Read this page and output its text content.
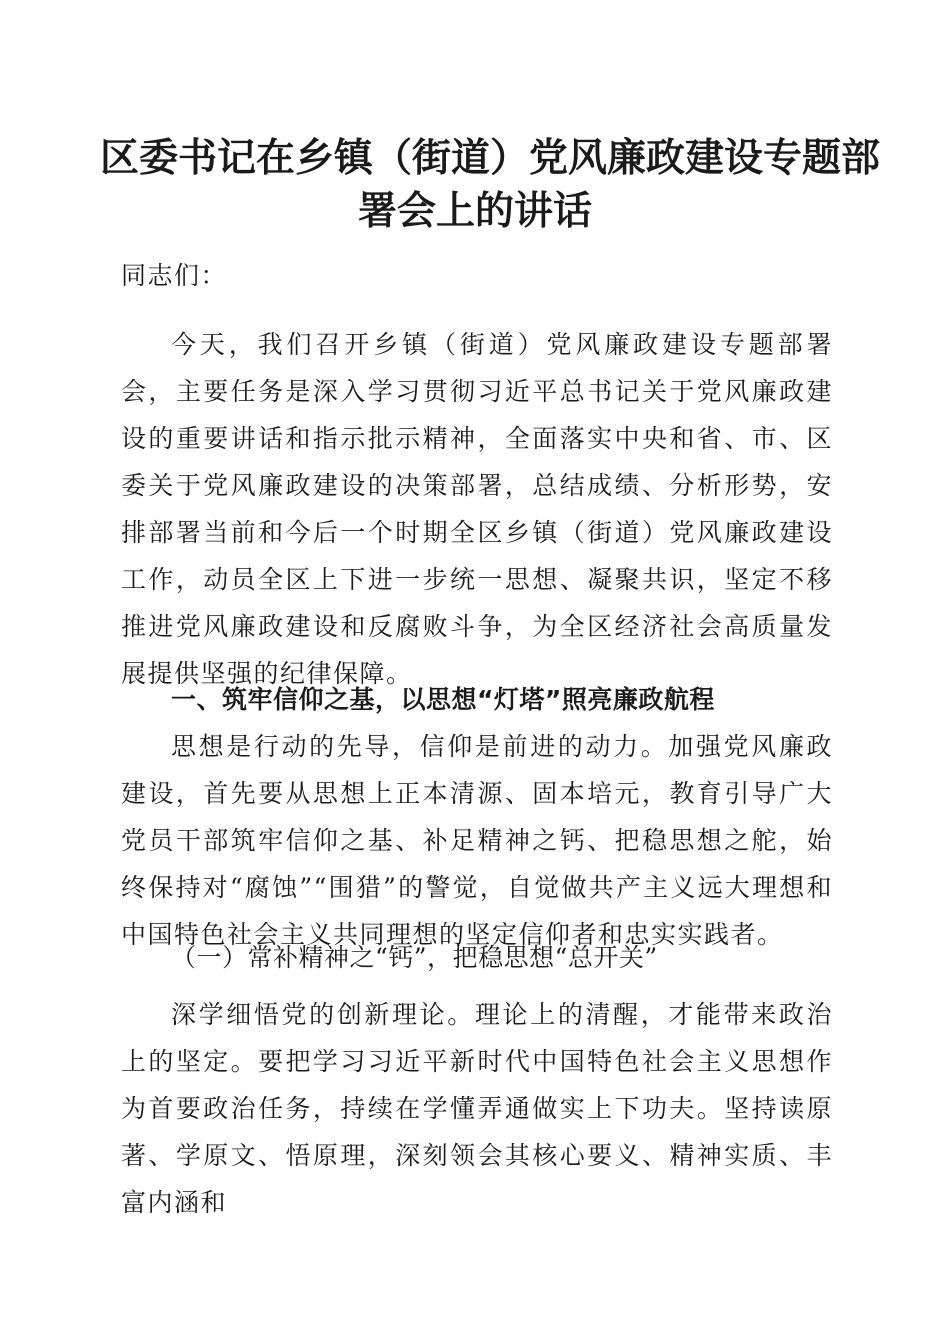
区委书记在乡镇（街道）党风廉政建设专题部
署会上的讲话

同志们：

今天，我们召开乡镇（街道）党风廉政建设专题部署会，主要任务是深入学习贯彻习近平总书记关于党风廉政建设的重要讲话和指示批示精神，全面落实中央和省、市、区委关于党风廉政建设的决策部署，总结成绩、分析形势，安排部署当前和今后一个时期全区乡镇（街道）党风廉政建设工作，动员全区上下进一步统一思想、凝聚共识，坚定不移推进党风廉政建设和反腐败斗争，为全区经济社会高质量发展提供坚强的纪律保障。

一、筑牢信仰之基，以思想“灯塔”照亮廉政航程

思想是行动的先导，信仰是前进的动力。加强党风廉政建设，首先要从思想上正本清源、固本培元，教育引导广大党员干部筑牢信仰之基、补足精神之钙、把稳思想之舵，始终保持对“腐蚀”“围猎”的警觉，自觉做共产主义远大理想和中国特色社会主义共同理想的坚定信仰者和忠实实践者。

（一）常补精神之“钙”，把稳思想“总开关”

深学细悟党的创新理论。理论上的清醒，才能带来政治上的坚定。要把学习习近平新时代中国特色社会主义思想作为首要政治任务，持续在学懂弄通做实上下功夫。坚持读原著、学原文、悟原理，深刻领会其核心要义、精神实质、丰富内涵和
